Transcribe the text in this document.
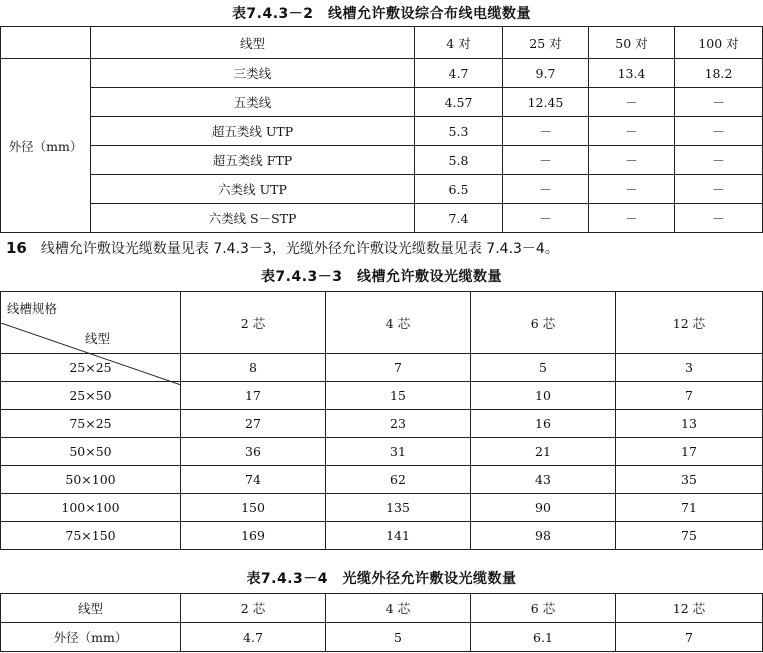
表7.4.3－2　线槽允许敷设综合布线电缆数量
	线型	4 对	25 对	50 对	100 对
外径（mm）	三类线	4.7	9.7	13.4	18.2
	五类线	4.57	12.45	－	－
	超五类线 UTP	5.3	－	－	－
	超五类线 FTP	5.8	－	－	－
	六类线 UTP	6.5	－	－	－
	六类线 S－STP	7.4	－	－	－
16 线槽允许敷设光缆数量见表 7.4.3－3，光缆外径允许敷设光缆数量见表 7.4.3－4。
表7.4.3－3　线槽允许敷设光缆数量
线型
线槽规格	2 芯	4 芯	6 芯	12 芯
25×25	8	7	5	3
25×50	17	15	10	7
75×25	27	23	16	13
50×50	36	31	21	17
50×100	74	62	43	35
100×100	150	135	90	71
75×150	169	141	98	75
表7.4.3－4　光缆外径允许敷设光缆数量
线型	2 芯	4 芯	6 芯	12 芯
外径（mm）	4.7	5	6.1	7
